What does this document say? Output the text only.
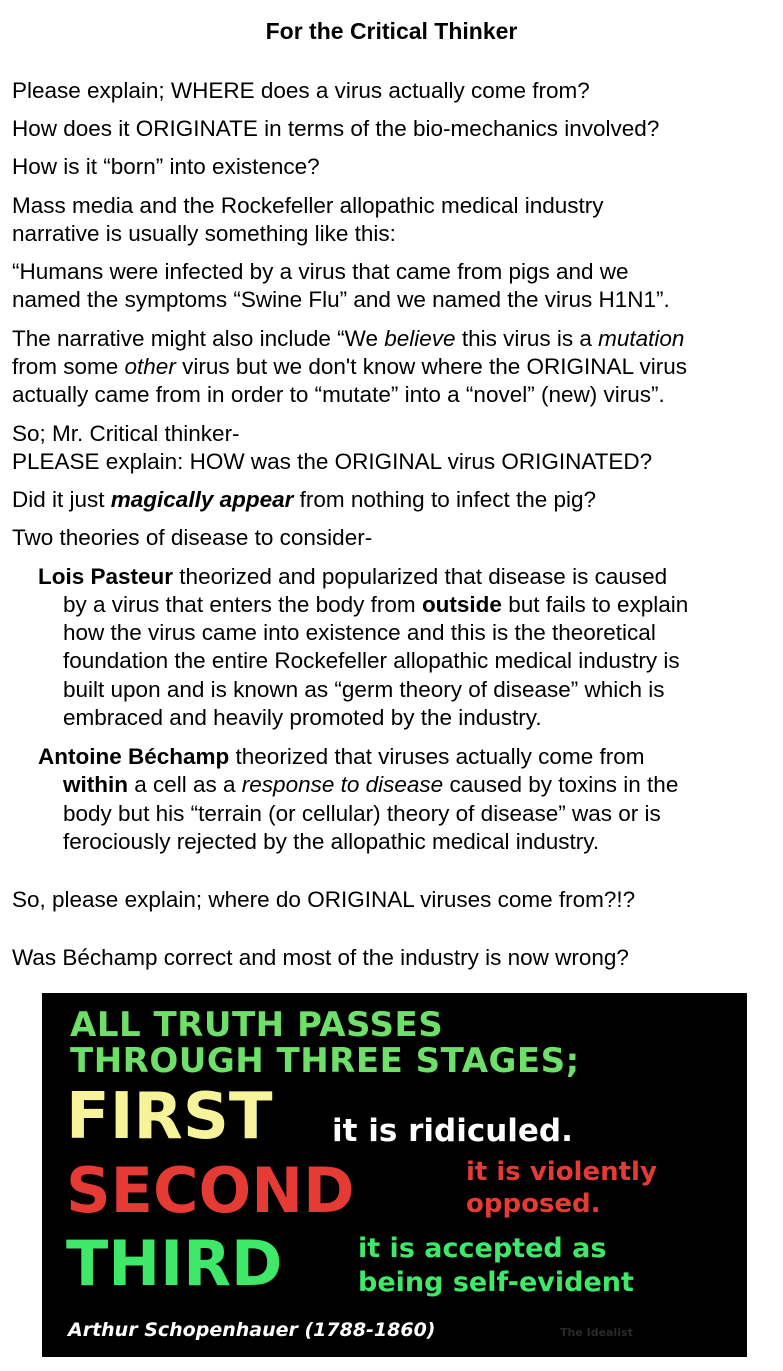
For the Critical Thinker
Please explain; WHERE does a virus actually come from?
How does it ORIGINATE in terms of the bio-mechanics involved?
How is it “born” into existence?
Mass media and the Rockefeller allopathic medical industry
narrative is usually something like this:
“Humans were infected by a virus that came from pigs and we
named the symptoms “Swine Flu” and we named the virus H1N1”.
The narrative might also include “We believe this virus is a mutation
from some other virus but we don't know where the ORIGINAL virus
actually came from in order to “mutate” into a “novel” (new) virus”.
So; Mr. Critical thinker-
PLEASE explain: HOW was the ORIGINAL virus ORIGINATED?
Did it just magically appear from nothing to infect the pig?
Two theories of disease to consider-
Lois Pasteur theorized and popularized that disease is caused
by a virus that enters the body from outside but fails to explain
how the virus came into existence and this is the theoretical
foundation the entire Rockefeller allopathic medical industry is
built upon and is known as “germ theory of disease” which is
embraced and heavily promoted by the industry.
Antoine Béchamp theorized that viruses actually come from
within a cell as a response to disease caused by toxins in the
body but his “terrain (or cellular) theory of disease” was or is
ferociously rejected by the allopathic medical industry.
So, please explain; where do ORIGINAL viruses come from?!?
Was Béchamp correct and most of the industry is now wrong?
ALL TRUTH PASSES
THROUGH THREE STAGES;
FIRST it is ridiculed.
SECOND	it is violently
opposed.
THIRD	it is accepted as
being self-evident
Arthur Schopenhauer (1788-1860)	The Idealist
